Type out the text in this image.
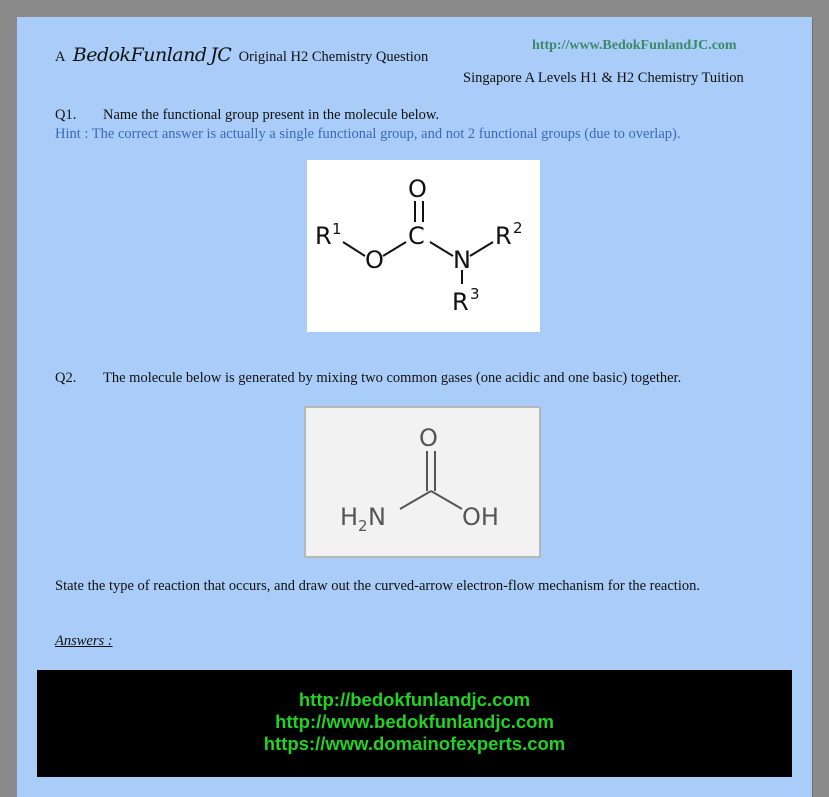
A BedokFunland JC Original H2 Chemistry Question
http://www.BedokFunlandJC.com
Singapore A Levels H1 & H2 Chemistry Tuition
Q1. Name the functional group present in the molecule below.
Hint : The correct answer is actually a single functional group, and not 2 functional groups (due to overlap).
R 1
O
C
O
N
R 2
R 3
Q2. The molecule below is generated by mixing two common gases (one acidic and one basic) together.
O
H 2 N	OH
State the type of reaction that occurs, and draw out the curved-arrow electron-flow mechanism for the reaction.
Answers :
http://bedokfunlandjc.com
http://www.bedokfunlandjc.com
https://www.domainofexperts.com
